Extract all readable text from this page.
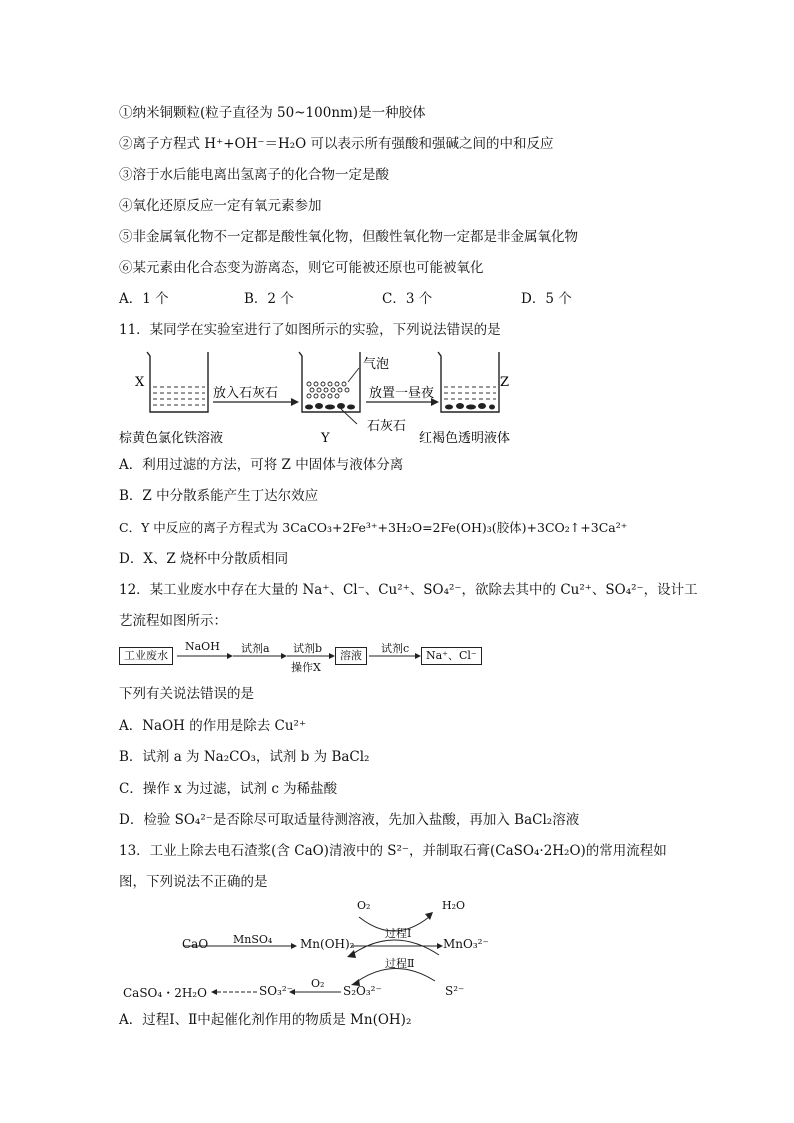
①纳米铜颗粒(粒子直径为 50~100nm)是一种胶体
②离子方程式 H⁺+OH⁻＝H₂O 可以表示所有强酸和强碱之间的中和反应
③溶于水后能电离出氢离子的化合物一定是酸
④氧化还原反应一定有氧元素参加
⑤非金属氧化物不一定都是酸性氧化物，但酸性氧化物一定都是非金属氧化物
⑥某元素由化合态变为游离态，则它可能被还原也可能被氧化
A．1 个	B．2 个	C．3 个	D．5 个
11．某同学在实验室进行了如图所示的实验，下列说法错误的是
X
放入石灰石
气泡
放置一昼夜
Z
石灰石
棕黄色氯化铁溶液	Y	红褐色透明液体
A．利用过滤的方法，可将 Z 中固体与液体分离
B．Z 中分散系能产生丁达尔效应
C．Y 中反应的离子方程式为 3CaCO₃+2Fe³⁺+3H₂O=2Fe(OH)₃(胶体)+3CO₂↑+3Ca²⁺
D．X、Z 烧杯中分散质相同
12．某工业废水中存在大量的 Na⁺、Cl⁻、Cu²⁺、SO₄²⁻，欲除去其中的 Cu²⁺、SO₄²⁻，设计工
艺流程如图所示：
工业废水
NaOH 试剂a 试剂b
操作X
溶液
试剂c
Na⁺、Cl⁻
下列有关说法错误的是
A．NaOH 的作用是除去 Cu²⁺
B．试剂 a 为 Na₂CO₃，试剂 b 为 BaCl₂
C．操作 x 为过滤，试剂 c 为稀盐酸
D．检验 SO₄²⁻是否除尽可取适量待测溶液，先加入盐酸，再加入 BaCl₂溶液
13．工业上除去电石渣浆(含 CaO)清液中的 S²⁻，并制取石膏(CaSO₄·2H₂O)的常用流程如
图，下列说法不正确的是
O₂	H₂O
过程Ⅰ
CaO MnSO₄ Mn(OH)₂	MnO₃²⁻
过程Ⅱ
CaSO₄・2H₂O	SO₃²⁻
O₂
S₂O₃²⁻	S²⁻
A．过程Ⅰ、Ⅱ中起催化剂作用的物质是 Mn(OH)₂
